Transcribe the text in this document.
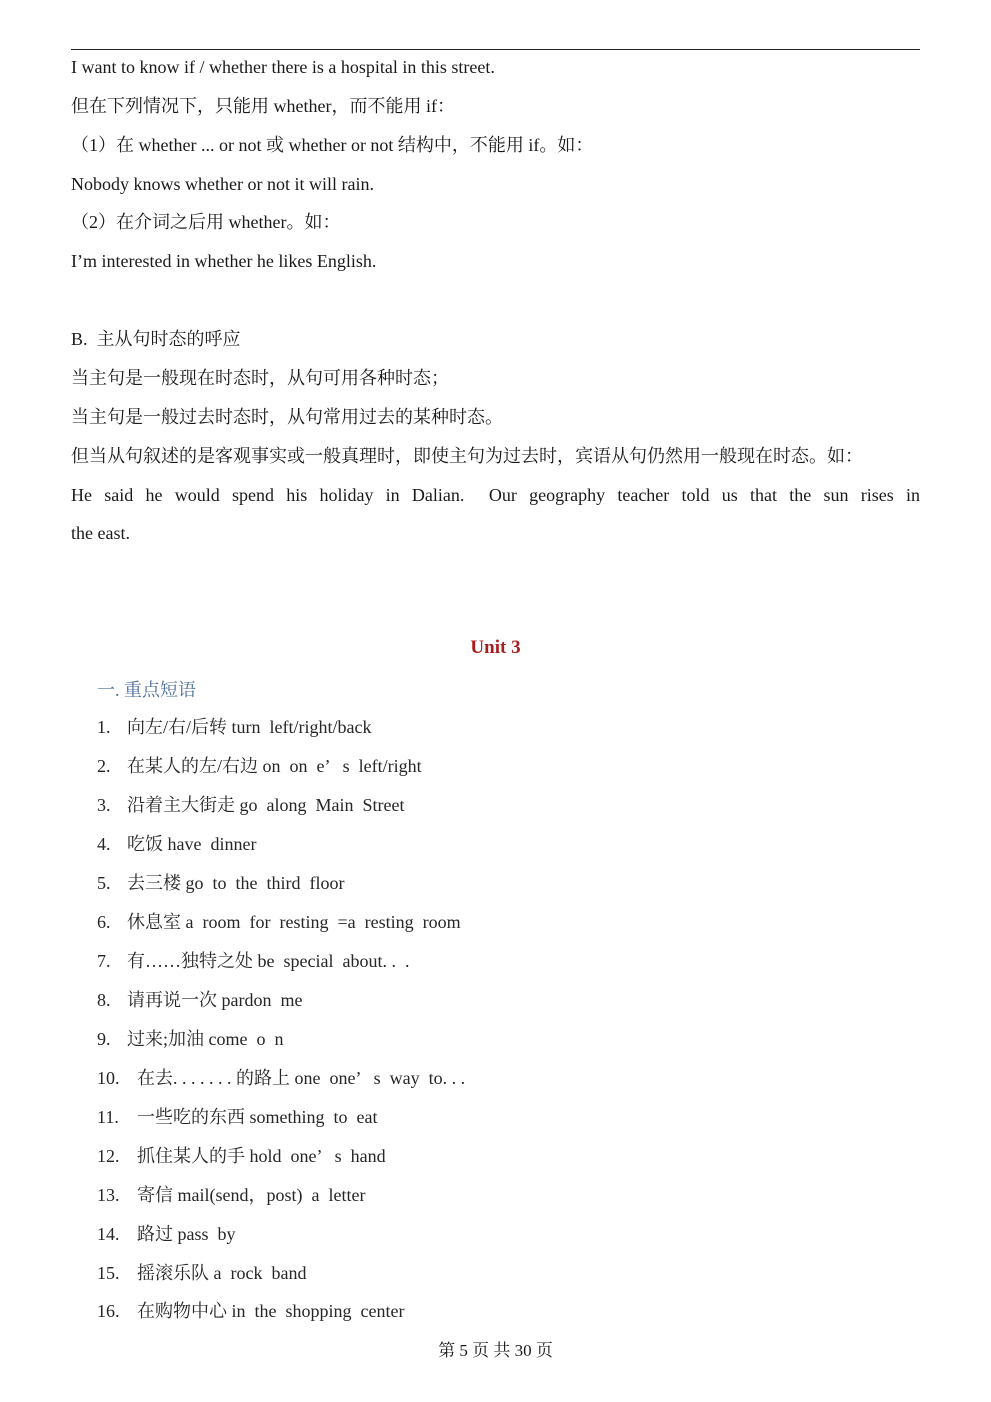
I want to know if / whether there is a hospital in this street.
但在下列情况下，只能用 whether，而不能用 if：
（1）在 whether ... or not 或 whether or not 结构中，不能用 if。如：
Nobody knows whether or not it will rain.
（2）在介词之后用 whether。如：
I’m interested in whether he likes English.
B.  主从句时态的呼应
当主句是一般现在时态时，从句可用各种时态；
当主句是一般过去时态时，从句常用过去的某种时态。
但当从句叙述的是客观事实或一般真理时，即使主句为过去时，宾语从句仍然用一般现在时态。如：
He said he would spend his holiday in Dalian.  Our geography teacher told us that the sun rises in
the east.
Unit 3
一. 重点短语
1. 向左/右/后转 turn  left/right/back
2. 在某人的左/右边 on  on  e’   s  left/right
3. 沿着主大街走 go  along  Main  Street
4. 吃饭 have  dinner
5. 去三楼 go  to  the  third  floor
6. 休息室 a  room  for  resting  =a  resting  room
7. 有……独特之处 be  special  about. .  .
8. 请再说一次 pardon  me
9. 过来;加油 come  o  n
10. 在去. . . . . . . 的路上 one  one’   s  way  to. . .
11. 一些吃的东西 something  to  eat
12. 抓住某人的手 hold  one’   s  hand
13. 寄信 mail(send，post)  a  letter
14. 路过 pass  by
15. 摇滚乐队 a  rock  band
16. 在购物中心 in  the  shopping  center
第 5 页 共 30 页
